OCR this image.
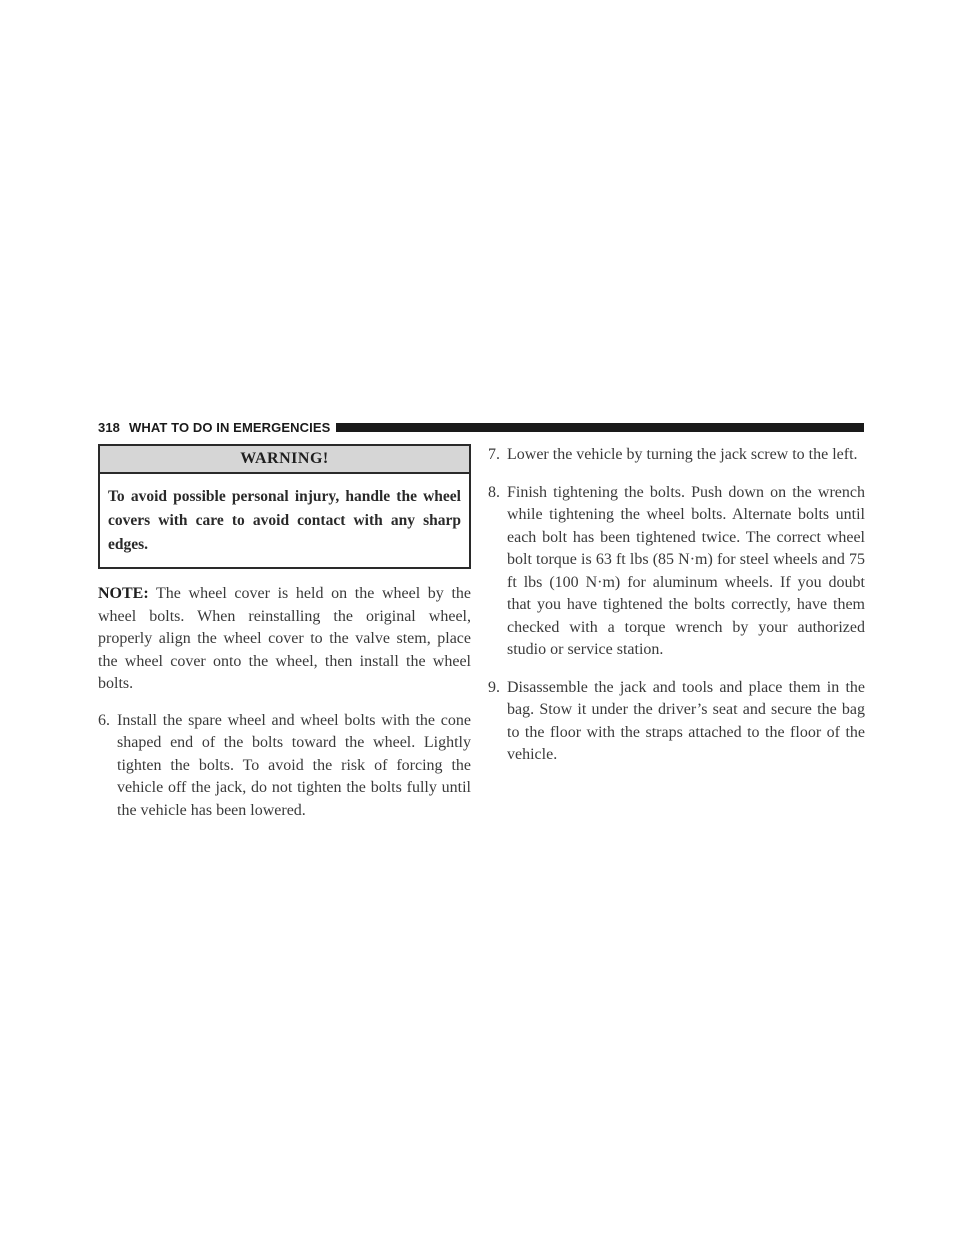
318 WHAT TO DO IN EMERGENCIES
WARNING!
To avoid possible personal injury, handle the wheel covers with care to avoid contact with any sharp edges.
NOTE: The wheel cover is held on the wheel by the wheel bolts. When reinstalling the original wheel, properly align the wheel cover to the valve stem, place the wheel cover onto the wheel, then install the wheel bolts.
6. Install the spare wheel and wheel bolts with the cone shaped end of the bolts toward the wheel. Lightly tighten the bolts. To avoid the risk of forcing the vehicle off the jack, do not tighten the bolts fully until the vehicle has been lowered.
7. Lower the vehicle by turning the jack screw to the left.
8. Finish tightening the bolts. Push down on the wrench while tightening the wheel bolts. Alternate bolts until each bolt has been tightened twice. The correct wheel bolt torque is 63 ft lbs (85 N·m) for steel wheels and 75 ft lbs (100 N·m) for aluminum wheels. If you doubt that you have tightened the bolts correctly, have them checked with a torque wrench by your authorized studio or service station.
9. Disassemble the jack and tools and place them in the bag. Stow it under the driver’s seat and secure the bag to the floor with the straps attached to the floor of the vehicle.
